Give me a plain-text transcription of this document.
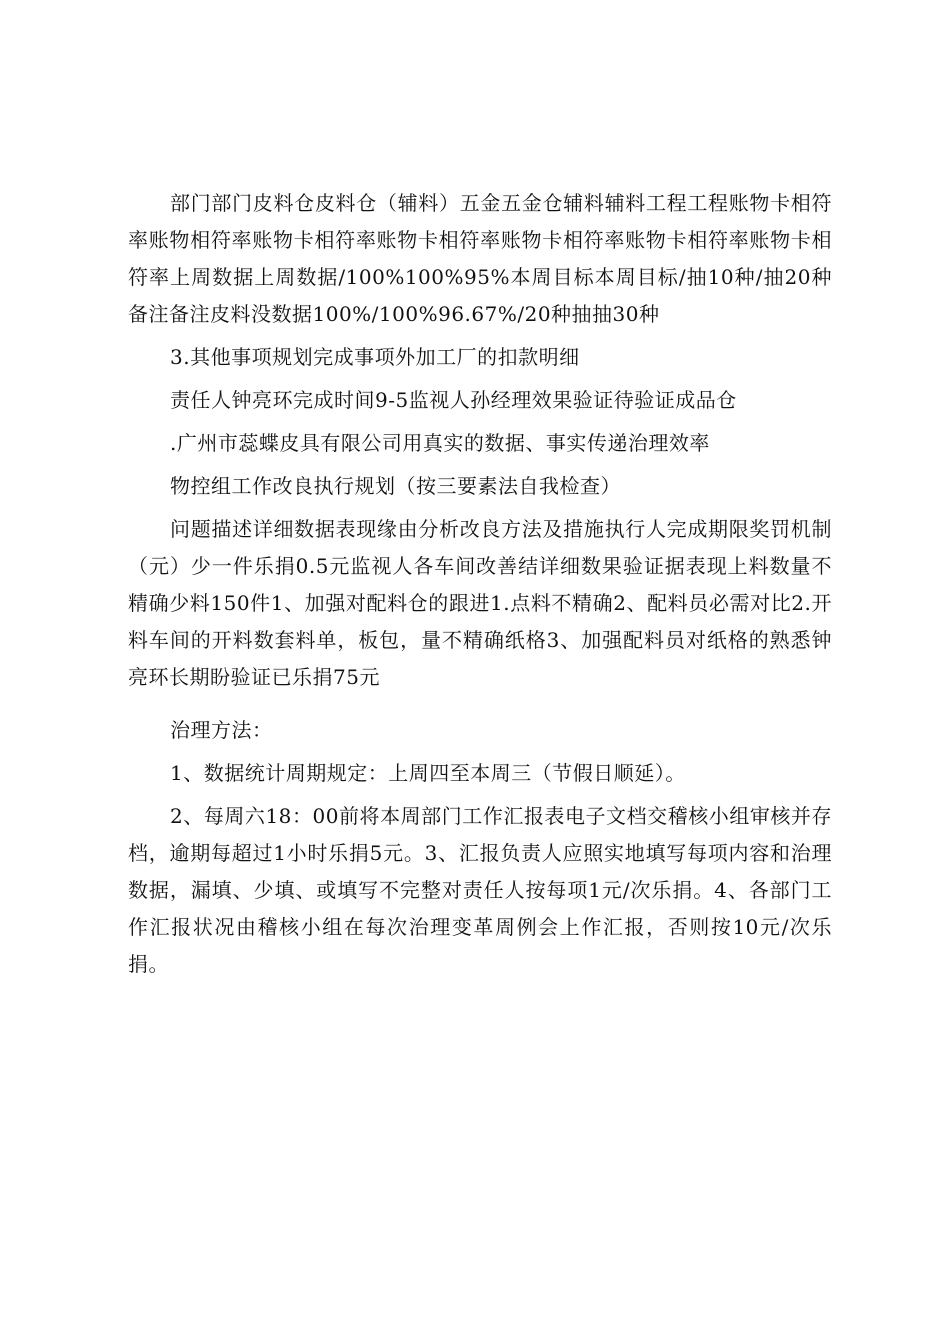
部门部门皮料仓皮料仓（辅料）五金五金仓辅料辅料工程工程账物卡相符率账物相符率账物卡相符率账物卡相符率账物卡相符率账物卡相符率账物卡相符率上周数据上周数据/100%100%95%本周目标本周目标/抽10种/抽20种备注备注皮料没数据100%/100%96.67%/20种抽抽30种

3.其他事项规划完成事项外加工厂的扣款明细

责任人钟亮环完成时间9-5监视人孙经理效果验证待验证成品仓

.广州市蕊蝶皮具有限公司用真实的数据、事实传递治理效率

物控组工作改良执行规划（按三要素法自我检查）

问题描述详细数据表现缘由分析改良方法及措施执行人完成期限奖罚机制（元）少一件乐捐0.5元监视人各车间改善结详细数果验证据表现上料数量不精确少料150件1、加强对配料仓的跟进1.点料不精确2、配料员必需对比2.开料车间的开料数套料单，板包，量不精确纸格3、加强配料员对纸格的熟悉钟亮环长期盼验证已乐捐75元

治理方法：

1、数据统计周期规定：上周四至本周三（节假日顺延）。

2、每周六18：00前将本周部门工作汇报表电子文档交稽核小组审核并存档，逾期每超过1小时乐捐5元。3、汇报负责人应照实地填写每项内容和治理数据，漏填、少填、或填写不完整对责任人按每项1元/次乐捐。4、各部门工作汇报状况由稽核小组在每次治理变革周例会上作汇报，否则按10元/次乐捐。
